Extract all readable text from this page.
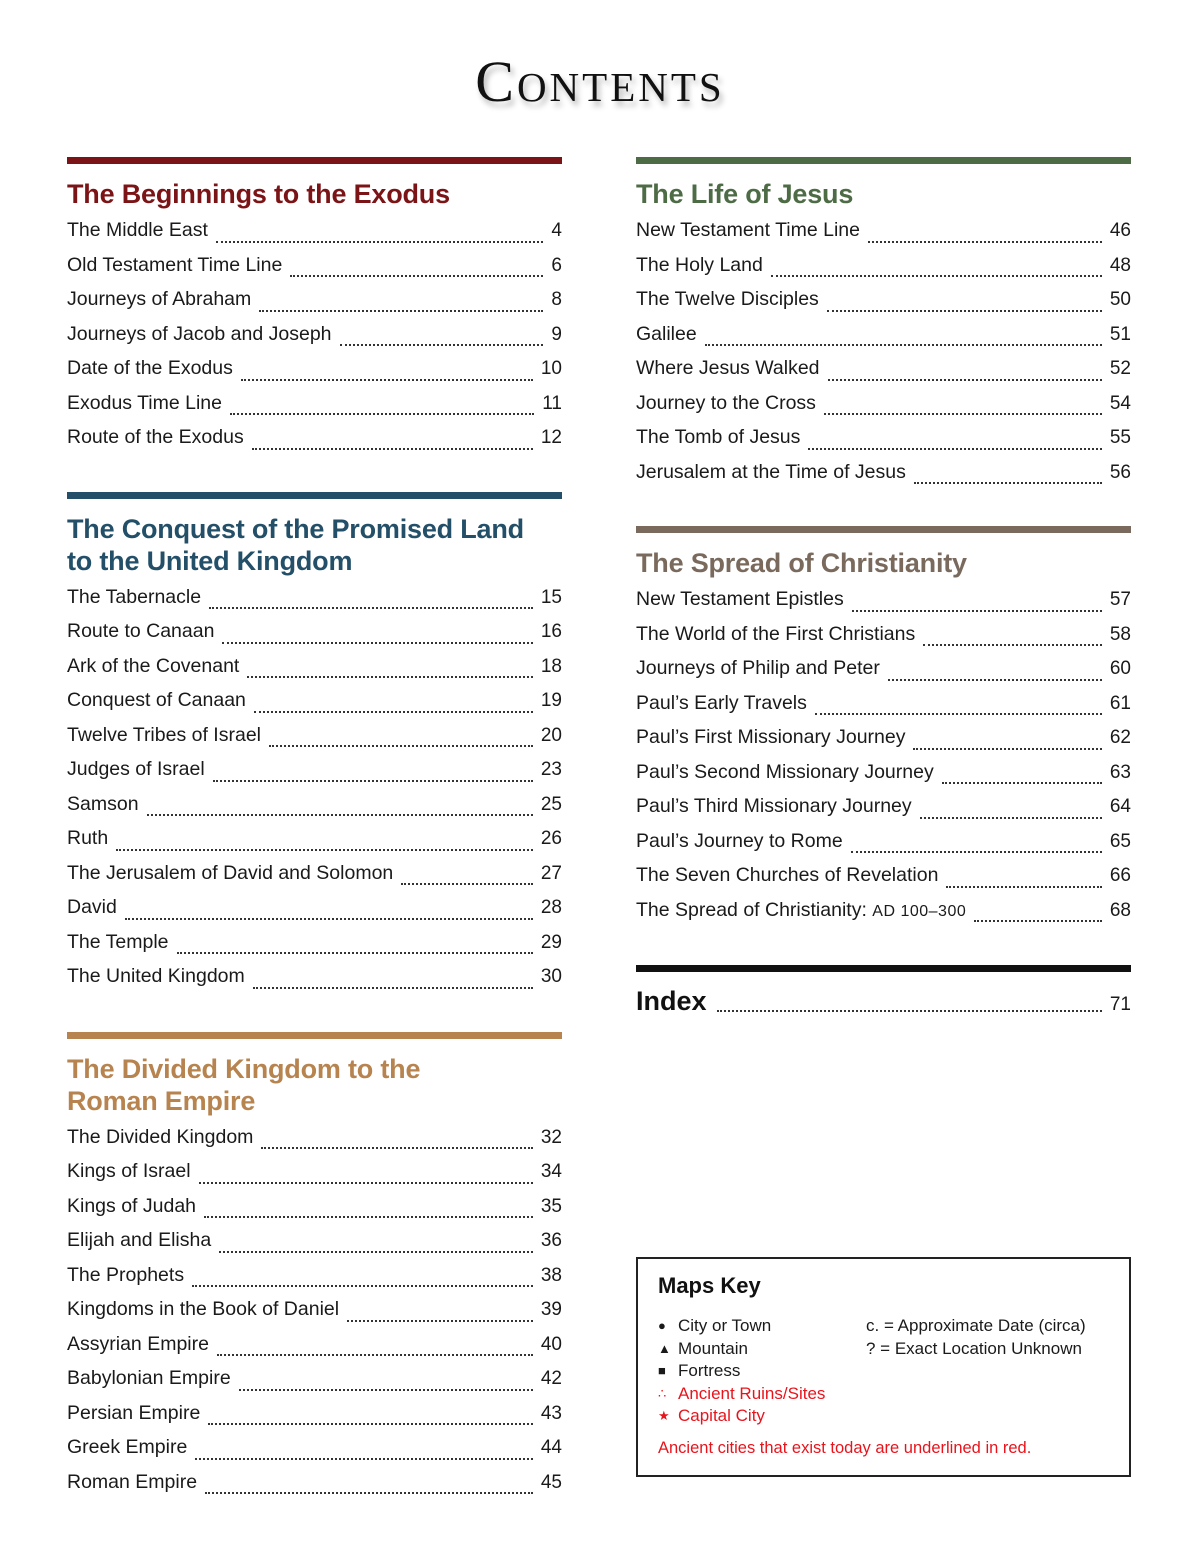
Contents
The Beginnings to the Exodus
The Middle East	4
Old Testament Time Line	6
Journeys of Abraham	8
Journeys of Jacob and Joseph	9
Date of the Exodus	10
Exodus Time Line	11
Route of the Exodus	12
The Conquest of the Promised Land
to the United Kingdom
The Tabernacle	15
Route to Canaan	16
Ark of the Covenant	18
Conquest of Canaan	19
Twelve Tribes of Israel	20
Judges of Israel	23
Samson	25
Ruth	26
The Jerusalem of David and Solomon	27
David	28
The Temple	29
The United Kingdom	30
The Divided Kingdom to the
Roman Empire
The Divided Kingdom	32
Kings of Israel	34
Kings of Judah	35
Elijah and Elisha	36
The Prophets	38
Kingdoms in the Book of Daniel	39
Assyrian Empire	40
Babylonian Empire	42
Persian Empire	43
Greek Empire	44
Roman Empire	45
The Life of Jesus
New Testament Time Line	46
The Holy Land	48
The Twelve Disciples	50
Galilee	51
Where Jesus Walked	52
Journey to the Cross	54
The Tomb of Jesus	55
Jerusalem at the Time of Jesus	56
The Spread of Christianity
New Testament Epistles	57
The World of the First Christians	58
Journeys of Philip and Peter	60
Paul’s Early Travels	61
Paul’s First Missionary Journey	62
Paul’s Second Missionary Journey	63
Paul’s Third Missionary Journey	64
Paul’s Journey to Rome	65
The Seven Churches of Revelation	66
The Spread of Christianity: AD 100–300	68
Index	71
Maps Key
● City or Town
▲ Mountain
■ Fortress
∴ Ancient Ruins/Sites
★ Capital City
c. = Approximate Date (circa)
? = Exact Location Unknown
Ancient cities that exist today are underlined in red.
